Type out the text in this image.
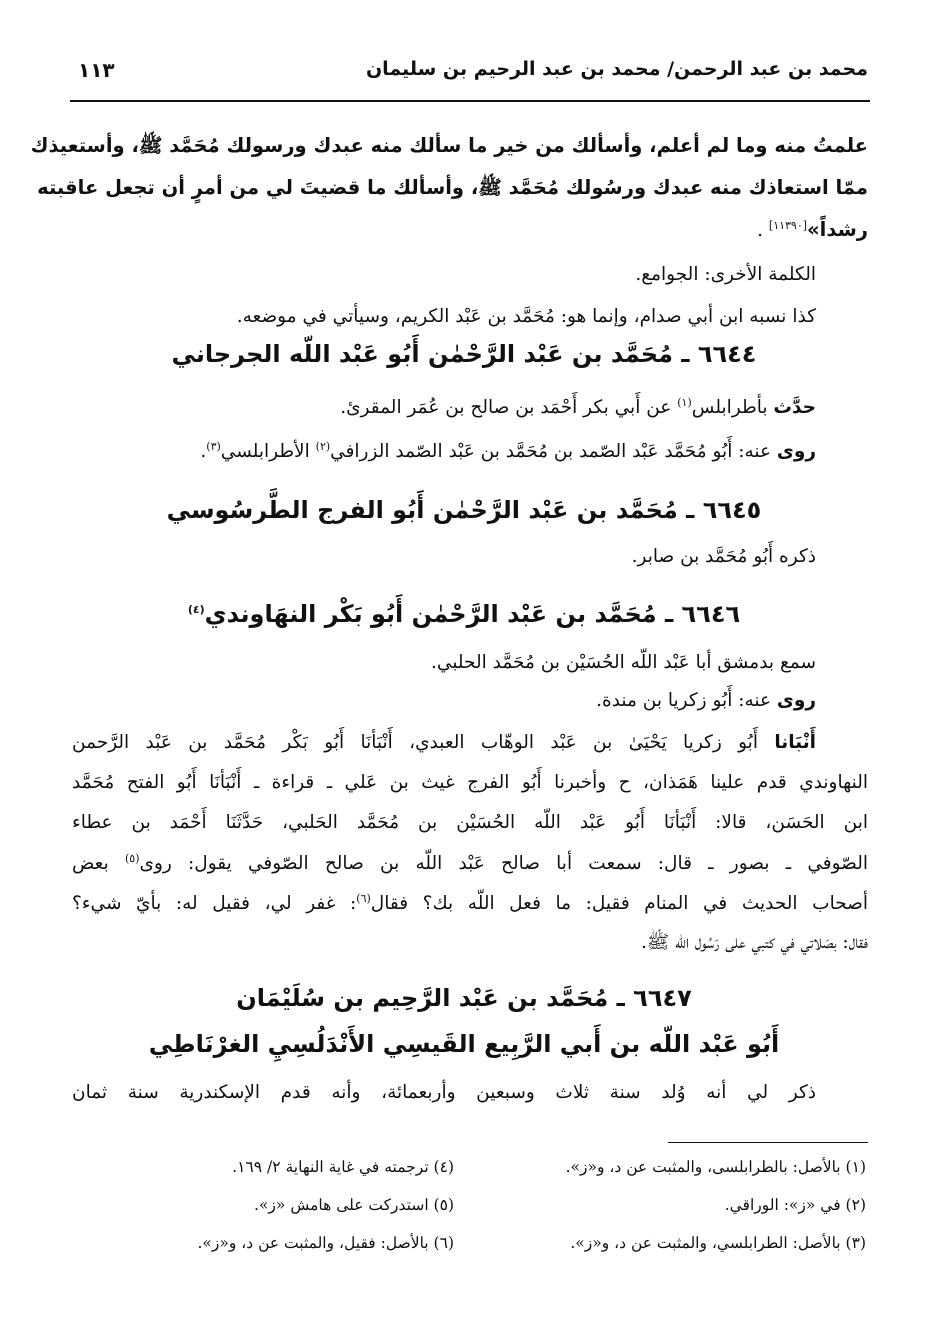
محمد بن عبد الرحمن/ محمد بن عبد الرحيم بن سليمان
١١٣
علمتُ منه وما لم أعلم، وأسألك من خير ما سألك منه عبدك ورسولك مُحَمَّد ﷺ، وأستعيذك
ممّا استعاذك منه عبدك ورسُولك مُحَمَّد ﷺ، وأسألك ما قضيتَ لي من أمرٍ أن تجعل عاقبته
رشداً»[١١٣٩٠] .
الكلمة الأخرى: الجوامع.
كذا نسبه ابن أبي صدام، وإنما هو: مُحَمَّد بن عَبْد الكريم، وسيأتي في موضعه.
٦٦٤٤ ـ مُحَمَّد بن عَبْد الرَّحْمٰن أَبُو عَبْد اللّه الجرجاني
حدَّث بأطرابلس$^{(١)}$ عن أَبي بكر أَحْمَد بن صالح بن عُمَر المقرئ.
روى عنه: أَبُو مُحَمَّد عَبْد الصّمد بن مُحَمَّد بن عَبْد الصّمد الزرافي$^{(٢)}$ الأطرابلسي$^{(٣)}$.
٦٦٤٥ ـ مُحَمَّد بن عَبْد الرَّحْمٰن أَبُو الفرج الطَّرسُوسي
ذكره أَبُو مُحَمَّد بن صابر.
٦٦٤٦ ـ مُحَمَّد بن عَبْد الرَّحْمٰن أَبُو بَكْر النهَاوندي$^{(٤)}$
سمع بدمشق أبا عَبْد اللّه الحُسَيْن بن مُحَمَّد الحلبي.
روى عنه: أَبُو زكريا بن مندة.
أَنْبَانا أَبُو زكريا يَحْيَىٰ بن عَبْد الوهّاب العبدي، أَنْبَأنَا أَبُو بَكْر مُحَمَّد بن عَبْد الرَّحمن
النهاوندي قدم علينا هَمَذان، ح وأخبرنا أَبُو الفرج غيث بن عَلي ـ قراءة ـ أَنْبَأنَا أَبُو الفتح مُحَمَّد
ابن الحَسَن، قالا: أَنْبَأنَا أَبُو عَبْد اللّه الحُسَيْن بن مُحَمَّد الحَلبي، حَدَّثَنَا أَحْمَد بن عطاء
الصّوفي ـ بصور ـ قال: سمعت أبا صالح عَبْد اللّه بن صالح الصّوفي يقول: روى$^{(٥)}$ بعض
أصحاب الحديث في المنام فقيل: ما فعل اللّه بك؟ فقال$^{(٦)}$: غفر لي، فقيل له: بأيّ شيء؟
فقال: بصَلاتي في كتبي على رَسُول اللّه ﷺ.
٦٦٤٧ ـ مُحَمَّد بن عَبْد الرَّحِيم بن سُلَيْمَان
أَبُو عَبْد اللّه بن أَبي الرَّبِيع القَيسِي الأَنْدَلُسِيِ الغرْنَاطِي
ذكر لي أنه وُلد سنة ثلاث وسبعين وأربعمائة، وأنه قدم الإسكندرية سنة ثمان
(١) بالأصل: بالطرابلسى، والمثبت عن د، و«ز».
(٢) في «ز»: الوراقي.
(٣) بالأصل: الطرابلسي، والمثبت عن د، و«ز».
(٤) ترجمته في غاية النهاية ٢/ ١٦٩.
(٥) استدركت على هامش «ز».
(٦) بالأصل: فقيل، والمثبت عن د، و«ز».
